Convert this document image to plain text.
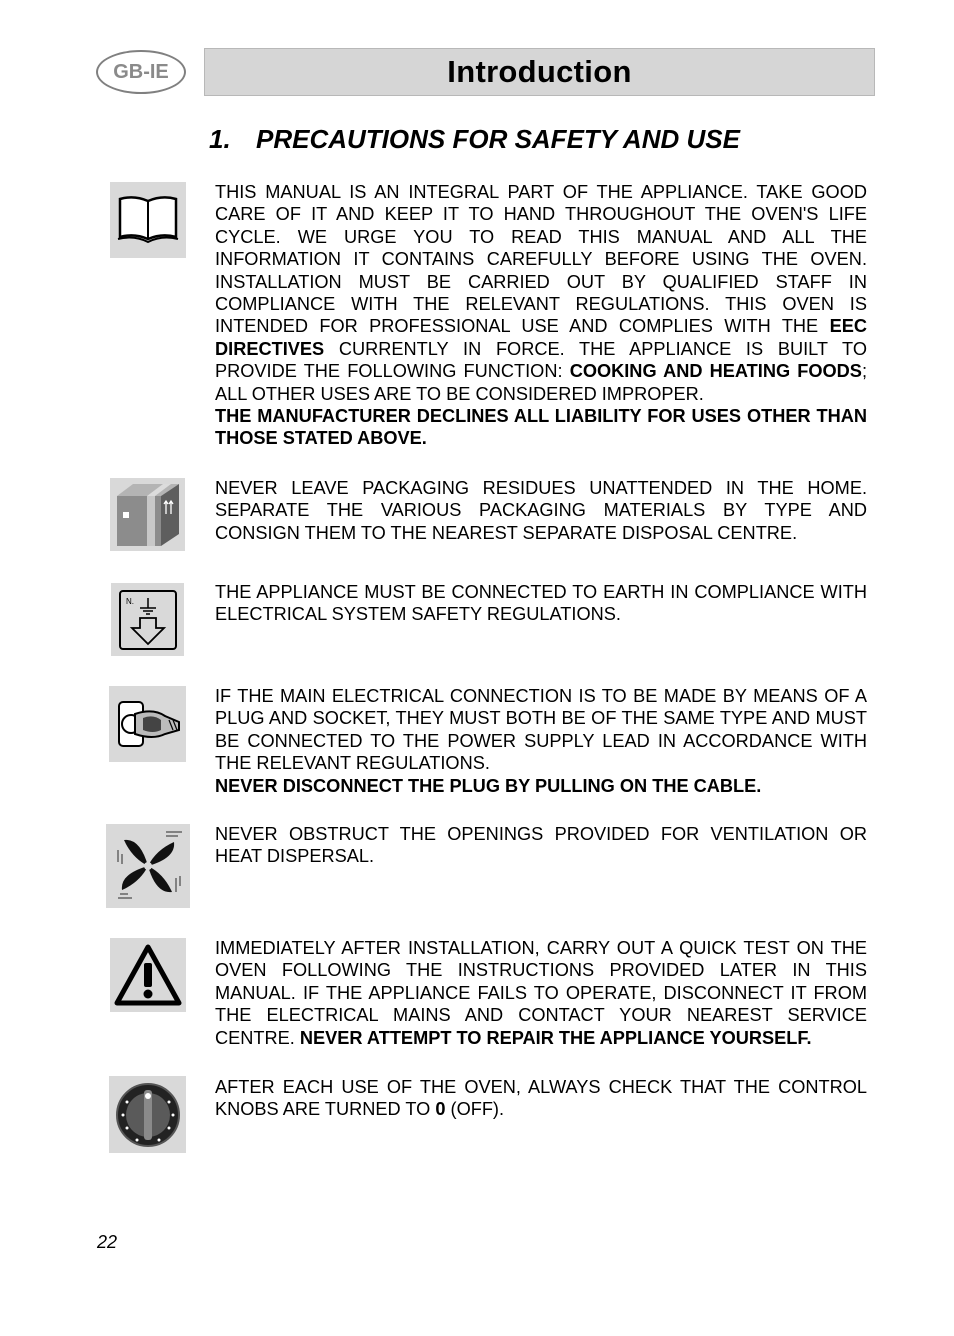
GB-IE	Introduction
1. PRECAUTIONS FOR SAFETY AND USE
THIS MANUAL IS AN INTEGRAL PART OF THE APPLIANCE. TAKE GOOD CARE OF IT AND KEEP IT TO HAND THROUGHOUT THE OVEN'S LIFE CYCLE. WE URGE YOU TO READ THIS MANUAL AND ALL THE INFORMATION IT CONTAINS CAREFULLY BEFORE USING THE OVEN. INSTALLATION MUST BE CARRIED OUT BY QUALIFIED STAFF IN COMPLIANCE WITH THE RELEVANT REGULATIONS. THIS OVEN IS INTENDED FOR PROFESSIONAL USE AND COMPLIES WITH THE EEC DIRECTIVES CURRENTLY IN FORCE. THE APPLIANCE IS BUILT TO PROVIDE THE FOLLOWING FUNCTION: COOKING AND HEATING FOODS; ALL OTHER USES ARE TO BE CONSIDERED IMPROPER.
THE MANUFACTURER DECLINES ALL LIABILITY FOR USES OTHER THAN THOSE STATED ABOVE.
NEVER LEAVE PACKAGING RESIDUES UNATTENDED IN THE HOME. SEPARATE THE VARIOUS PACKAGING MATERIALS BY TYPE AND CONSIGN THEM TO THE NEAREST SEPARATE DISPOSAL CENTRE.
N.	THE APPLIANCE MUST BE CONNECTED TO EARTH IN COMPLIANCE WITH ELECTRICAL SYSTEM SAFETY REGULATIONS.
IF THE MAIN ELECTRICAL CONNECTION IS TO BE MADE BY MEANS OF A PLUG AND SOCKET, THEY MUST BOTH BE OF THE SAME TYPE AND MUST BE CONNECTED TO THE POWER SUPPLY LEAD IN ACCORDANCE WITH THE RELEVANT REGULATIONS.
NEVER DISCONNECT THE PLUG BY PULLING ON THE CABLE.
NEVER OBSTRUCT THE OPENINGS PROVIDED FOR VENTILATION OR HEAT DISPERSAL.
IMMEDIATELY AFTER INSTALLATION, CARRY OUT A QUICK TEST ON THE OVEN FOLLOWING THE INSTRUCTIONS PROVIDED LATER IN THIS MANUAL. IF THE APPLIANCE FAILS TO OPERATE, DISCONNECT IT FROM THE ELECTRICAL MAINS AND CONTACT YOUR NEAREST SERVICE CENTRE. NEVER ATTEMPT TO REPAIR THE APPLIANCE YOURSELF.
AFTER EACH USE OF THE OVEN, ALWAYS CHECK THAT THE CONTROL KNOBS ARE TURNED TO 0 (OFF).
22
